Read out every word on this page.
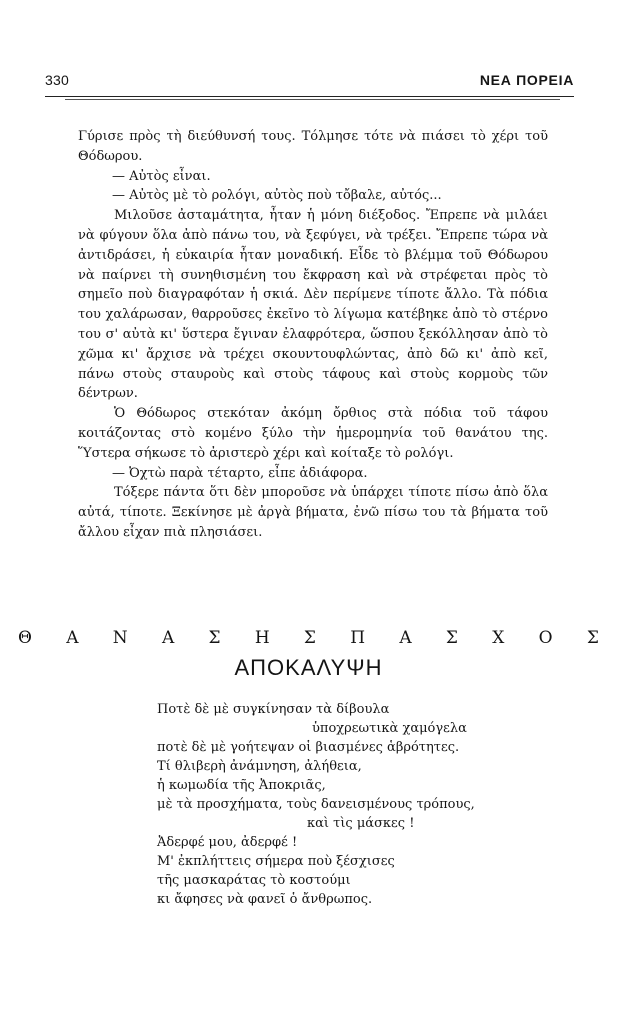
330	ΝΕΑ ΠΟΡΕΙΑ

Γύρισε πρὸς τὴ διεύθυνσή τους. Τόλμησε τότε νὰ πιάσει τὸ χέρι τοῦ Θόδωρου.

— Αὐτὸς εἶναι.

— Αὐτὸς μὲ τὸ ρολόγι, αὐτὸς ποὺ τὄβαλε, αὐτός...

Μιλοῦσε ἀσταμάτητα, ἦταν ἡ μόνη διέξοδος. Ἔπρεπε νὰ μιλάει νὰ φύγουν ὅλα ἀπὸ πάνω του, νὰ ξεφύγει, νὰ τρέξει. Ἔπρεπε τώρα νὰ ἀντιδράσει, ἡ εὐκαιρία ἦταν μοναδική. Εἶδε τὸ βλέμμα τοῦ Θόδωρου νὰ παίρνει τὴ συνηθισμένη του ἔκφραση καὶ νὰ στρέφεται πρὸς τὸ σημεῖο ποὺ διαγραφόταν ἡ σκιά. Δὲν περίμενε τίποτε ἄλλο. Τὰ πόδια του χαλάρωσαν, θαρροῦσες ἐκεῖνο τὸ λίγωμα κατέβηκε ἀπὸ τὸ στέρνο του σ' αὐτὰ κι' ὕστερα ἔγιναν ἐλαφρότερα, ὥσπου ξεκόλλησαν ἀπὸ τὸ χῶμα κι' ἄρχισε νὰ τρέχει σκουντουφλώντας, ἀπὸ δῶ κι' ἀπὸ κεῖ, πάνω στοὺς σταυροὺς καὶ στοὺς τάφους καὶ στοὺς κορμοὺς τῶν δέντρων.

Ὁ Θόδωρος στεκόταν ἀκόμη ὄρθιος στὰ πόδια τοῦ τάφου κοιτάζοντας στὸ κομένο ξύλο τὴν ἡμερομηνία τοῦ θανάτου της. Ὕστερα σήκωσε τὸ ἀριστερὸ χέρι καὶ κοίταξε τὸ ρολόγι.

— Ὀχτὼ παρὰ τέταρτο, εἶπε ἀδιάφορα.

Τόξερε πάντα ὅτι δὲν μποροῦσε νὰ ὑπάρχει τίποτε πίσω ἀπὸ ὅλα αὐτά, τίποτε. Ξεκίνησε μὲ ἀργὰ βήματα, ἐνῶ πίσω του τὰ βήματα τοῦ ἄλλου εἶχαν πιὰ πλησιάσει.

Θ Α Ν Α Σ Η Σ Π Α Σ Χ Ο Σ
ΑΠΟΚΑΛΥΨΗ
Ποτὲ δὲ μὲ συγκίνησαν τὰ δίβουλα
ὑποχρεωτικὰ χαμόγελα
ποτὲ δὲ μὲ γοήτεψαν οἱ βιασμένες ἁβρότητες.
Τί θλιβερὴ ἀνάμνηση, ἀλήθεια,
ἡ κωμωδία τῆς Ἀποκριᾶς,
μὲ τὰ προσχήματα, τοὺς δανεισμένους τρόπους,
καὶ τὶς μάσκες !
Ἀδερφέ μου, ἀδερφέ !
Μ' ἐκπλήττεις σήμερα ποὺ ξέσχισες
τῆς μασκαράτας τὸ κοστούμι
κι ἄφησες νὰ φανεῖ ὁ ἄνθρωπος.
